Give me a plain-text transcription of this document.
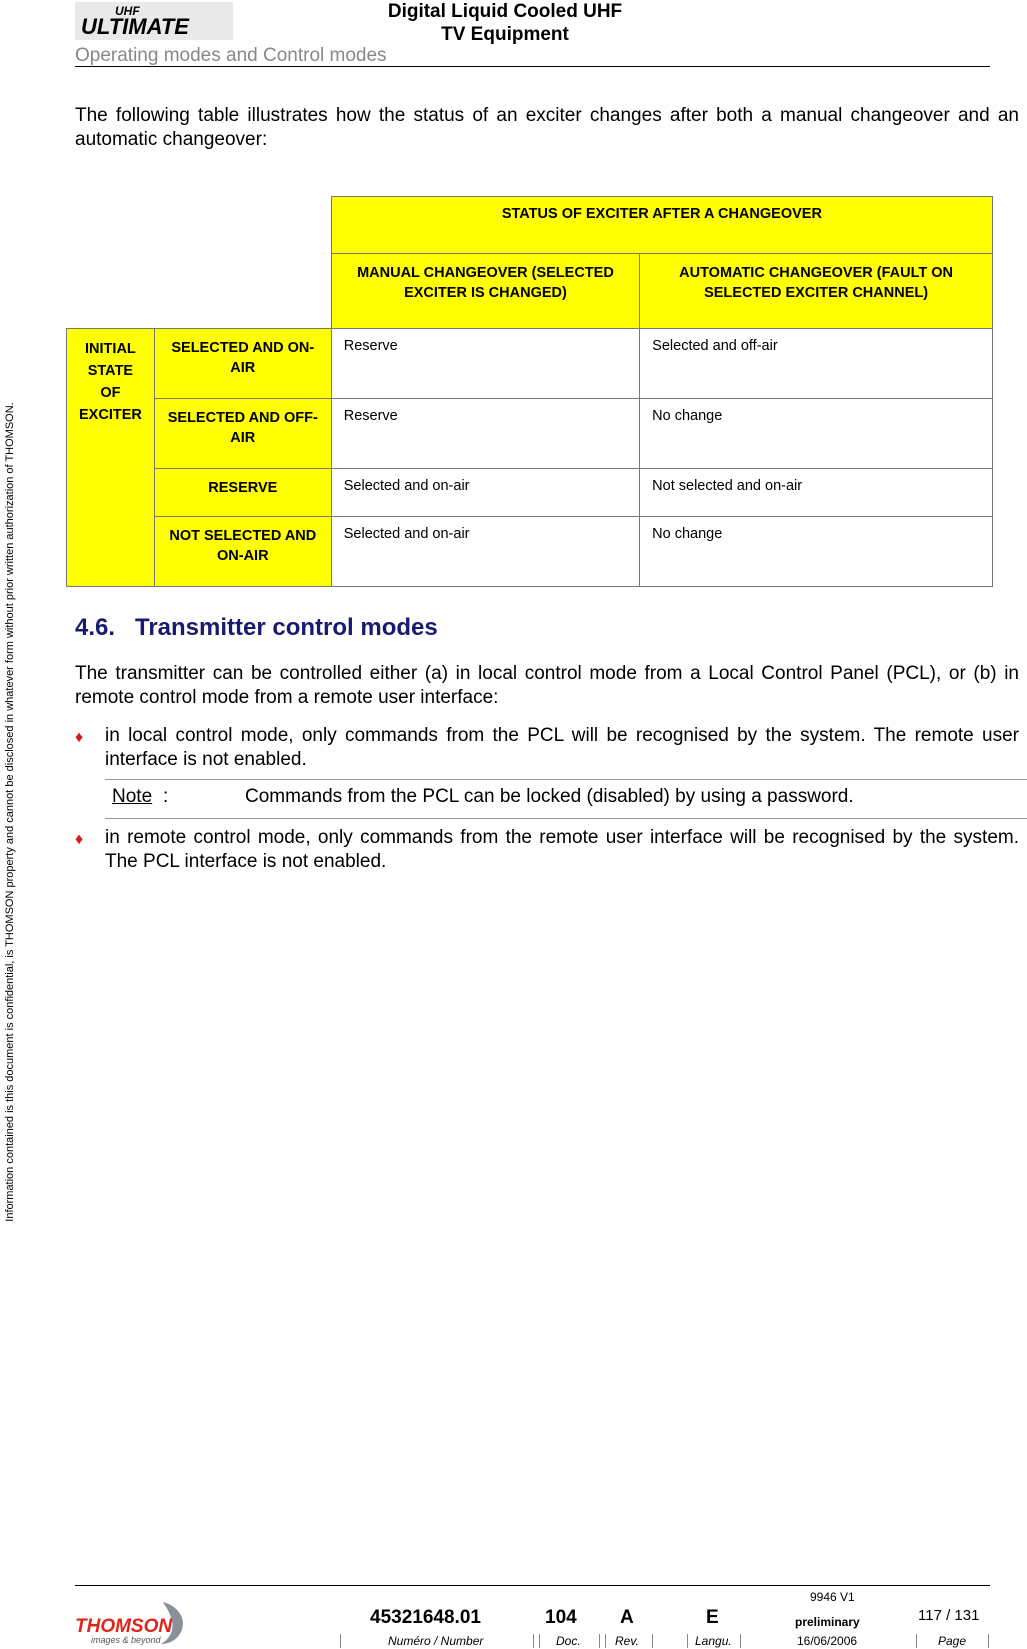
Information contained is this document is confidential, is THOMSON property and cannot be disclosed in whatever form without prior written authorization of THOMSON.
UHF
ULTIMATE
Digital Liquid Cooled UHF
TV Equipment
Operating modes and Control modes
The following table illustrates how the status of an exciter changes after both a manual changeover and an automatic changeover:
		STATUS OF EXCITER AFTER A CHANGEOVER	
		MANUAL CHANGEOVER (SELECTED EXCITER IS CHANGED)	AUTOMATIC CHANGEOVER (FAULT ON SELECTED EXCITER CHANNEL)
INITIAL STATE OF EXCITER	SELECTED AND ON-AIR	Reserve	Selected and off-air
	SELECTED AND OFF-AIR	Reserve	No change
	RESERVE	Selected and on-air	Not selected and on-air
	NOT SELECTED AND ON-AIR	Selected and on-air	No change
4.6. Transmitter control modes
The transmitter can be controlled either (a) in local control mode from a Local Control Panel (PCL), or (b) in remote control mode from a remote user interface:
♦ in local control mode, only commands from the PCL will be recognised by the system. The remote user interface is not enabled.
Note :	Commands from the PCL can be locked (disabled) by using a password.
♦ in remote control mode, only commands from the remote user interface will be recognised by the system. The PCL interface is not enabled.
THOMSON
images & beyond
45321648.01	104 A	E
9946 V1
preliminary	117 / 131
Numéro / Number	Doc.	Rev.	Langu.	16/06/2006	Page
